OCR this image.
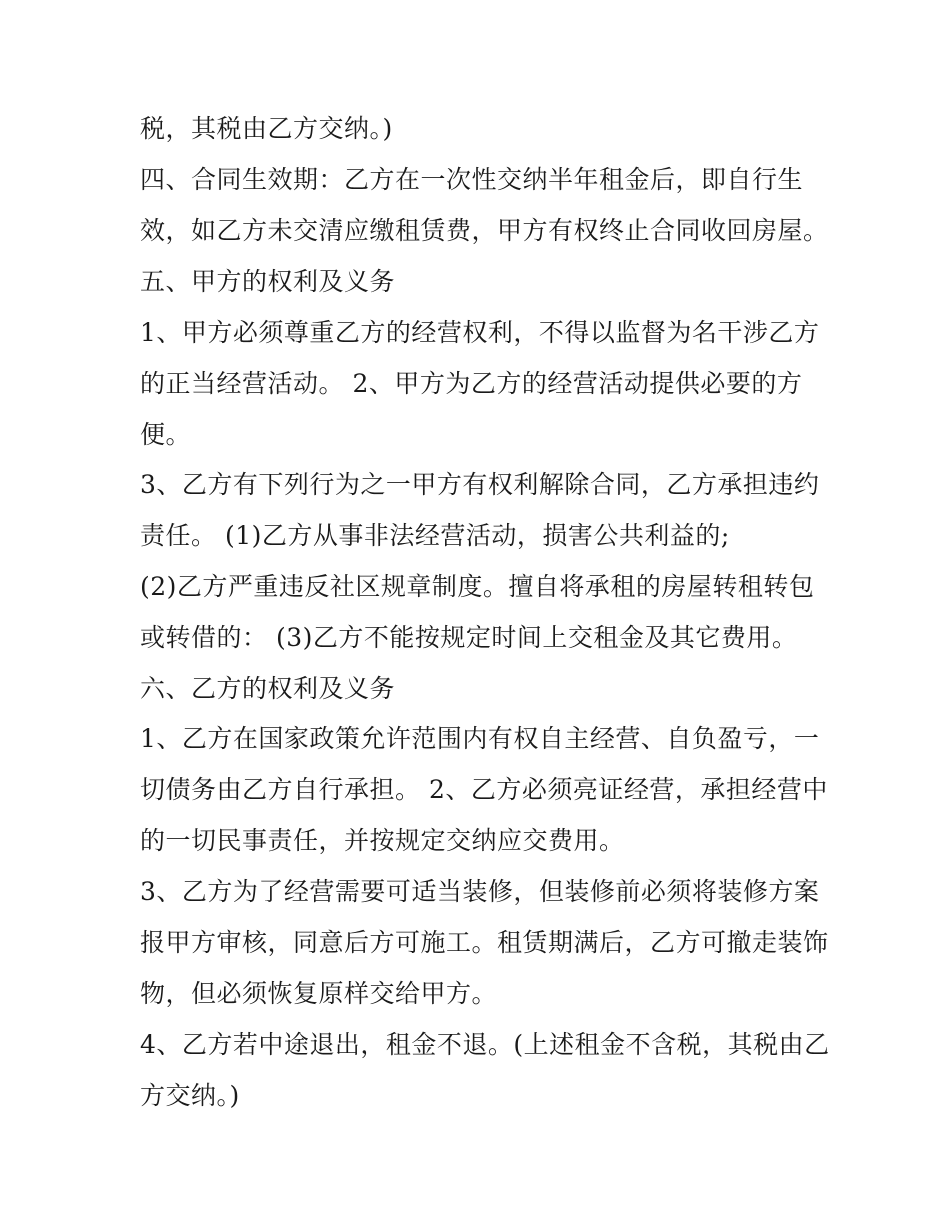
税，其税由乙方交纳。)
四、合同生效期：乙方在一次性交纳半年租金后，即自行生
效，如乙方未交清应缴租赁费，甲方有权终止合同收回房屋。
五、甲方的权利及义务
1、甲方必须尊重乙方的经营权利，不得以监督为名干涉乙方
的正当经营活动。 2、甲方为乙方的经营活动提供必要的方
便。
3、乙方有下列行为之一甲方有权利解除合同，乙方承担违约
责任。 (1)乙方从事非法经营活动，损害公共利益的;
(2)乙方严重违反社区规章制度。擅自将承租的房屋转租转包
或转借的： (3)乙方不能按规定时间上交租金及其它费用。
六、乙方的权利及义务
1、乙方在国家政策允许范围内有权自主经营、自负盈亏，一
切债务由乙方自行承担。 2、乙方必须亮证经营，承担经营中
的一切民事责任，并按规定交纳应交费用。
3、乙方为了经营需要可适当装修，但装修前必须将装修方案
报甲方审核，同意后方可施工。租赁期满后，乙方可撤走装饰
物，但必须恢复原样交给甲方。
4、乙方若中途退出，租金不退。(上述租金不含税，其税由乙
方交纳。)
